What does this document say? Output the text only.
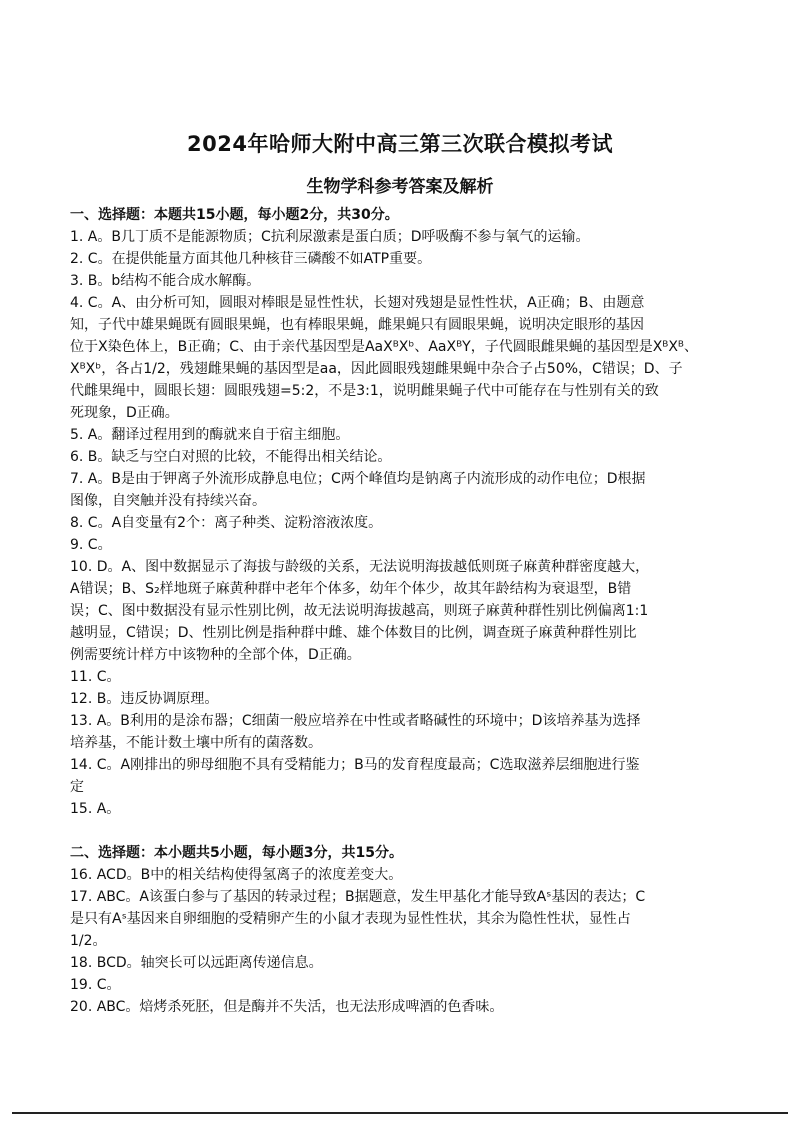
2024年哈师大附中高三第三次联合模拟考试
生物学科参考答案及解析
一、选择题：本题共15小题，每小题2分，共30分。
1. A。B几丁质不是能源物质；C抗利尿激素是蛋白质；D呼吸酶不参与氧气的运输。
2. C。在提供能量方面其他几种核苷三磷酸不如ATP重要。
3. B。b结构不能合成水解酶。
4. C。A、由分析可知，圆眼对棒眼是显性性状，长翅对残翅是显性性状，A正确；B、由题意
知，子代中雄果蝇既有圆眼果蝇，也有棒眼果蝇，雌果蝇只有圆眼果蝇，说明决定眼形的基因
位于X染色体上，B正确；C、由于亲代基因型是AaXᴮXᵇ、AaXᴮY，子代圆眼雌果蝇的基因型是XᴮXᴮ、
XᴮXᵇ，各占1/2，残翅雌果蝇的基因型是aa，因此圆眼残翅雌果蝇中杂合子占50%，C错误；D、子
代雌果绳中，圆眼长翅：圆眼残翅=5:2，不是3:1，说明雌果蝇子代中可能存在与性别有关的致
死现象，D正确。
5. A。翻译过程用到的酶就来自于宿主细胞。
6. B。缺乏与空白对照的比较，不能得出相关结论。
7. A。B是由于钾离子外流形成静息电位；C两个峰值均是钠离子内流形成的动作电位；D根据
图像，自突触并没有持续兴奋。
8. C。A自变量有2个：离子种类、淀粉溶液浓度。
9. C。
10. D。A、图中数据显示了海拔与龄级的关系，无法说明海拔越低则斑子麻黄种群密度越大，
A错误；B、S₂样地斑子麻黄种群中老年个体多，幼年个体少，故其年龄结构为衰退型，B错
误；C、图中数据没有显示性别比例，故无法说明海拔越高，则斑子麻黄种群性别比例偏离1:1
越明显，C错误；D、性别比例是指种群中雌、雄个体数目的比例，调查斑子麻黄种群性别比
例需要统计样方中该物种的全部个体，D正确。
11. C。
12. B。违反协调原理。
13. A。B利用的是涂布器；C细菌一般应培养在中性或者略碱性的环境中；D该培养基为选择
培养基，不能计数土壤中所有的菌落数。
14. C。A刚排出的卵母细胞不具有受精能力；B马的发育程度最高；C选取滋养层细胞进行鉴
定
15. A。
二、选择题：本小题共5小题，每小题3分，共15分。
16. ACD。B中的相关结构使得氢离子的浓度差变大。
17. ABC。A该蛋白参与了基因的转录过程；B据题意，发生甲基化才能导致Aˢ基因的表达；C
是只有Aˢ基因来自卵细胞的受精卵产生的小鼠才表现为显性性状，其余为隐性性状，显性占
1/2。
18. BCD。轴突长可以远距离传递信息。
19. C。
20. ABC。焙烤杀死胚，但是酶并不失活，也无法形成啤酒的色香味。
